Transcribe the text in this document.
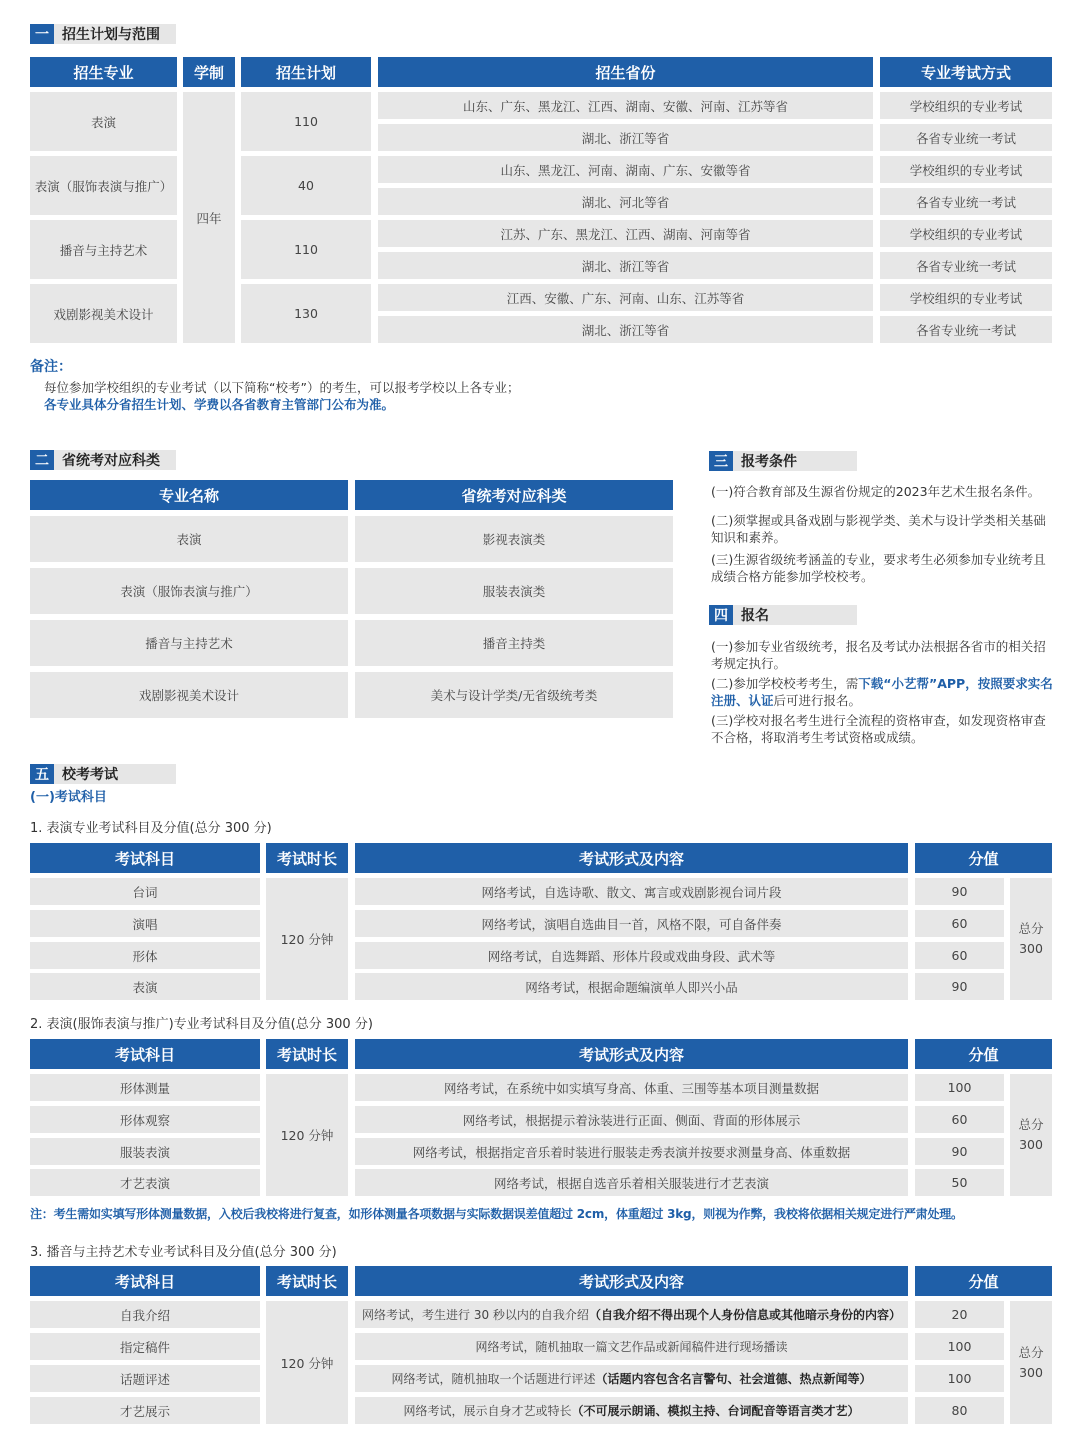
一 招生计划与范围
招生专业	学制	招生计划	招生省份	专业考试方式
四年
表演	110
山东、广东、黑龙江、江西、湖南、安徽、河南、江苏等省	学校组织的专业考试
湖北、浙江等省	各省专业统一考试
表演（服饰表演与推广）	40
山东、黑龙江、河南、湖南、广东、安徽等省	学校组织的专业考试
湖北、河北等省	各省专业统一考试
播音与主持艺术	110
江苏、广东、黑龙江、江西、湖南、河南等省	学校组织的专业考试
湖北、浙江等省	各省专业统一考试
戏剧影视美术设计	130
江西、安徽、广东、河南、山东、江苏等省	学校组织的专业考试
湖北、浙江等省	各省专业统一考试
备注：
每位参加学校组织的专业考试（以下简称“校考”）的考生，可以报考学校以上各专业；
各专业具体分省招生计划、学费以各省教育主管部门公布为准。
二 省统考对应科类
专业名称	省统考对应科类
表演	影视表演类
表演（服饰表演与推广）	服装表演类
播音与主持艺术	播音主持类
戏剧影视美术设计	美术与设计学类/无省级统考类
三 报考条件
(一)符合教育部及生源省份规定的2023年艺术生报名条件。
(二)须掌握或具备戏剧与影视学类、美术与设计学类相关基础知识和素养。
(三)生源省级统考涵盖的专业，要求考生必须参加专业统考且成绩合格方能参加学校校考。
四 报名
(一)参加专业省级统考，报名及考试办法根据各省市的相关招考规定执行。
(二)参加学校校考考生，需下载“小艺帮”APP，按照要求实名注册、认证后可进行报名。
(三)学校对报名考生进行全流程的资格审查，如发现资格审查不合格，将取消考生考试资格或成绩。
五 校考考试
(一)考试科目
1. 表演专业考试科目及分值(总分 300 分)
考试科目	考试时长	考试形式及内容	分值
120 分钟
总分
300
台词	网络考试，自选诗歌、散文、寓言或戏剧影视台词片段	90
演唱	网络考试，演唱自选曲目一首，风格不限，可自备伴奏	60
形体	网络考试，自选舞蹈、形体片段或戏曲身段、武术等	60
表演	网络考试，根据命题编演单人即兴小品	90
2. 表演(服饰表演与推广)专业考试科目及分值(总分 300 分)
考试科目	考试时长	考试形式及内容	分值
120 分钟
总分
300
形体测量	网络考试，在系统中如实填写身高、体重、三围等基本项目测量数据	100
形体观察	网络考试，根据提示着泳装进行正面、侧面、背面的形体展示	60
服装表演	网络考试，根据指定音乐着时装进行服装走秀表演并按要求测量身高、体重数据	90
才艺表演	网络考试，根据自选音乐着相关服装进行才艺表演	50
注：考生需如实填写形体测量数据，入校后我校将进行复查，如形体测量各项数据与实际数据误差值超过 2cm，体重超过 3kg，则视为作弊，我校将依据相关规定进行严肃处理。
3. 播音与主持艺术专业考试科目及分值(总分 300 分)
考试科目	考试时长	考试形式及内容	分值
120 分钟
总分
300
自我介绍	网络考试，考生进行 30 秒以内的自我介绍 （自我介绍不得出现个人身份信息或其他暗示身份的内容）	20
指定稿件	网络考试，随机抽取一篇文艺作品或新闻稿件进行现场播读	100
话题评述	网络考试，随机抽取一个话题进行评述 （话题内容包含名言警句、社会道德、热点新闻等）	100
才艺展示	网络考试，展示自身才艺或特长 （不可展示朗诵、模拟主持、台词配音等语言类才艺）	80
